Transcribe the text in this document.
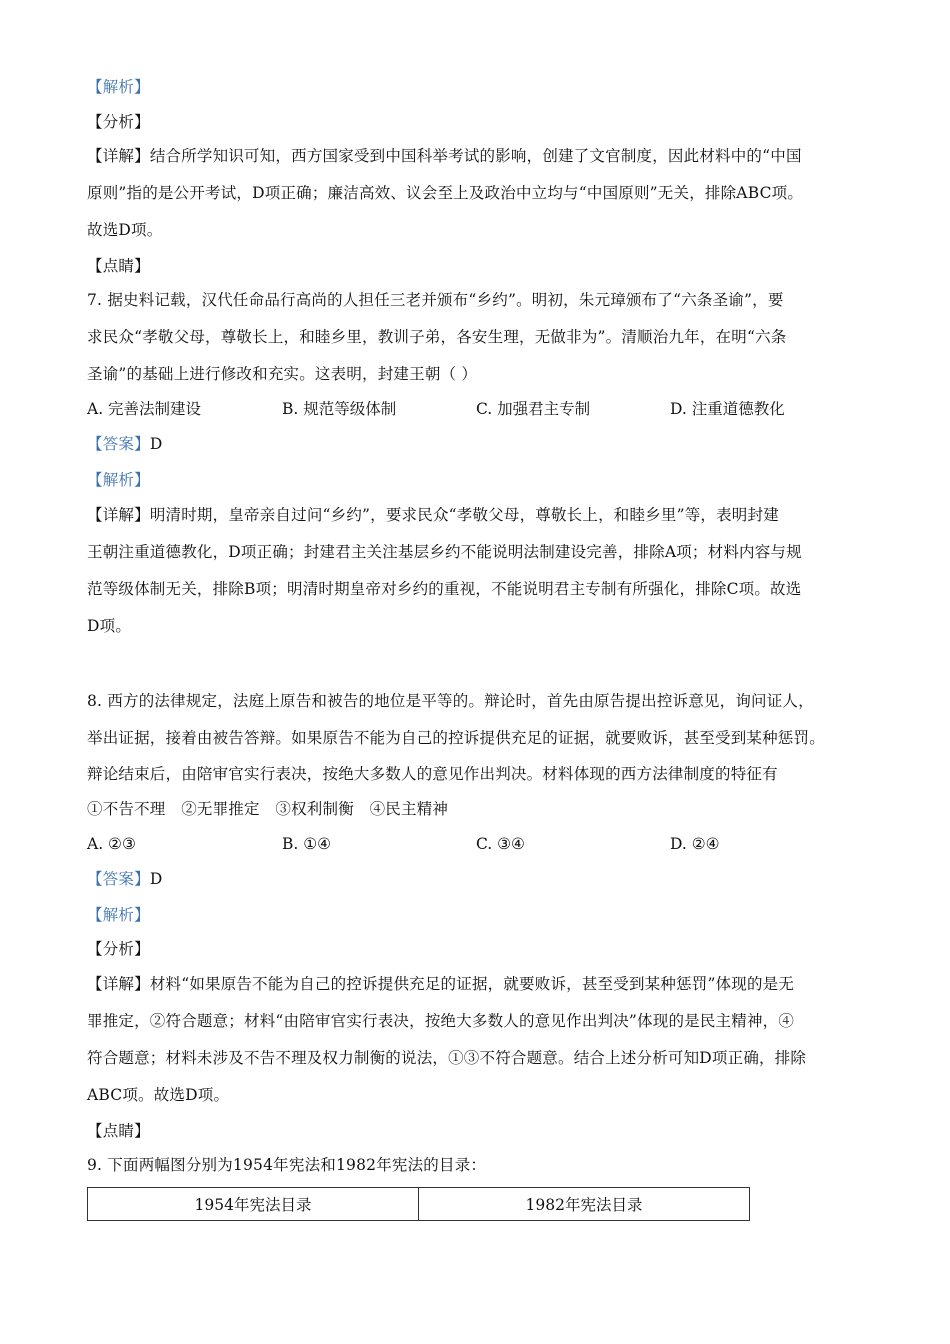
【解析】
【分析】
【详解】结合所学知识可知，西方国家受到中国科举考试的影响，创建了文官制度，因此材料中的“中国
原则”指的是公开考试，D项正确；廉洁高效、议会至上及政治中立均与“中国原则”无关，排除ABC项。
故选D项。
【点睛】
7. 据史料记载，汉代任命品行高尚的人担任三老并颁布“乡约”。明初，朱元璋颁布了“六条圣谕”，要
求民众“孝敬父母，尊敬长上，和睦乡里，教训子弟，各安生理，无做非为”。清顺治九年，在明“六条
圣谕”的基础上进行修改和充实。这表明，封建王朝（ ）
A. 完善法制建设	B. 规范等级体制	C. 加强君主专制	D. 注重道德教化
【答案】D
【解析】
【详解】明清时期，皇帝亲自过问“乡约”，要求民众“孝敬父母，尊敬长上，和睦乡里”等，表明封建
王朝注重道德教化，D项正确；封建君主关注基层乡约不能说明法制建设完善，排除A项；材料内容与规
范等级体制无关，排除B项；明清时期皇帝对乡约的重视，不能说明君主专制有所强化，排除C项。故选
D项。
8. 西方的法律规定，法庭上原告和被告的地位是平等的。辩论时，首先由原告提出控诉意见，询问证人，
举出证据，接着由被告答辩。如果原告不能为自己的控诉提供充足的证据，就要败诉，甚至受到某种惩罚。
辩论结束后，由陪审官实行表决，按绝大多数人的意见作出判决。材料体现的西方法律制度的特征有
①不告不理　②无罪推定　③权利制衡　④民主精神
A. ②③	B. ①④	C. ③④	D. ②④
【答案】D
【解析】
【分析】
【详解】材料“如果原告不能为自己的控诉提供充足的证据，就要败诉，甚至受到某种惩罚”体现的是无
罪推定，②符合题意；材料“由陪审官实行表决，按绝大多数人的意见作出判决”体现的是民主精神，④
符合题意；材料未涉及不告不理及权力制衡的说法，①③不符合题意。结合上述分析可知D项正确，排除
ABC项。故选D项。
【点睛】
9. 下面两幅图分别为1954年宪法和1982年宪法的目录：
1954年宪法目录	1982年宪法目录
